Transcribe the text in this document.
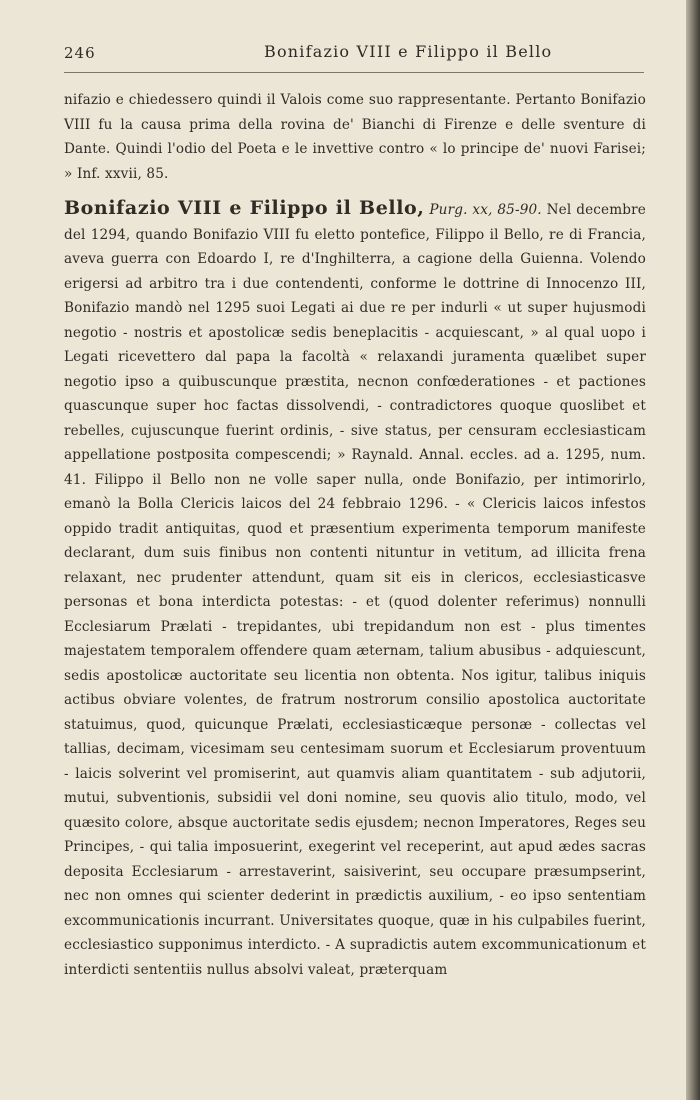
246	Bonifazio VIII e Filippo il Bello

nifazio e chiedessero quindi il Valois come suo rappresentante. Pertanto Bonifazio VIII fu la causa prima della rovina de' Bianchi di Firenze e delle sventure di Dante. Quindi l'odio del Poeta e le invettive contro « lo principe de' nuovi Farisei; » Inf. xxvii, 85.

Bonifazio VIII e Filippo il Bello, Purg. xx, 85-90. Nel decembre del 1294, quando Bonifazio VIII fu eletto pontefice, Filippo il Bello, re di Francia, aveva guerra con Edoardo I, re d'Inghilterra, a cagione della Guienna. Volendo erigersi ad arbitro tra i due contendenti, conforme le dottrine di Innocenzo III, Bonifazio mandò nel 1295 suoi Legati ai due re per indurli « ut super hujusmodi negotio - nostris et apostolicæ sedis beneplacitis - acquiescant, » al qual uopo i Legati ricevettero dal papa la facoltà « relaxandi juramenta quælibet super negotio ipso a quibuscunque præstita, necnon confœderationes - et pactiones quascunque super hoc factas dissolvendi, - contradictores quoque quoslibet et rebelles, cujuscunque fuerint ordinis, - sive status, per censuram ecclesiasticam appellatione postposita compescendi; » Raynald. Annal. eccles. ad a. 1295, num. 41. Filippo il Bello non ne volle saper nulla, onde Bonifazio, per intimorirlo, emanò la Bolla Clericis laicos del 24 febbraio 1296. - « Clericis laicos infestos oppido tradit antiquitas, quod et præsentium experimenta temporum manifeste declarant, dum suis finibus non contenti nituntur in vetitum, ad illicita frena relaxant, nec prudenter attendunt, quam sit eis in clericos, ecclesiasticasve personas et bona interdicta potestas: - et (quod dolenter referimus) nonnulli Ecclesiarum Prælati - trepidantes, ubi trepidandum non est - plus timentes majestatem temporalem offendere quam æternam, talium abusibus - adquiescunt, sedis apostolicæ auctoritate seu licentia non obtenta. Nos igitur, talibus iniquis actibus obviare volentes, de fratrum nostrorum consilio apostolica auctoritate statuimus, quod, quicunque Prælati, ecclesiasticæque personæ - collectas vel tallias, decimam, vicesimam seu centesimam suorum et Ecclesiarum proventuum - laicis solverint vel promiserint, aut quamvis aliam quantitatem - sub adjutorii, mutui, subventionis, subsidii vel doni nomine, seu quovis alio titulo, modo, vel quæsito colore, absque auctoritate sedis ejusdem; necnon Imperatores, Reges seu Principes, - qui talia imposuerint, exegerint vel receperint, aut apud ædes sacras deposita Ecclesiarum - arrestaverint, saisiverint, seu occupare præsumpserint, nec non omnes qui scienter dederint in prædictis auxilium, - eo ipso sententiam excommunicationis incurrant. Universitates quoque, quæ in his culpabiles fuerint, ecclesiastico supponimus interdicto. - A supradictis autem excommunicationum et interdicti sententiis nullus absolvi valeat, præterquam
